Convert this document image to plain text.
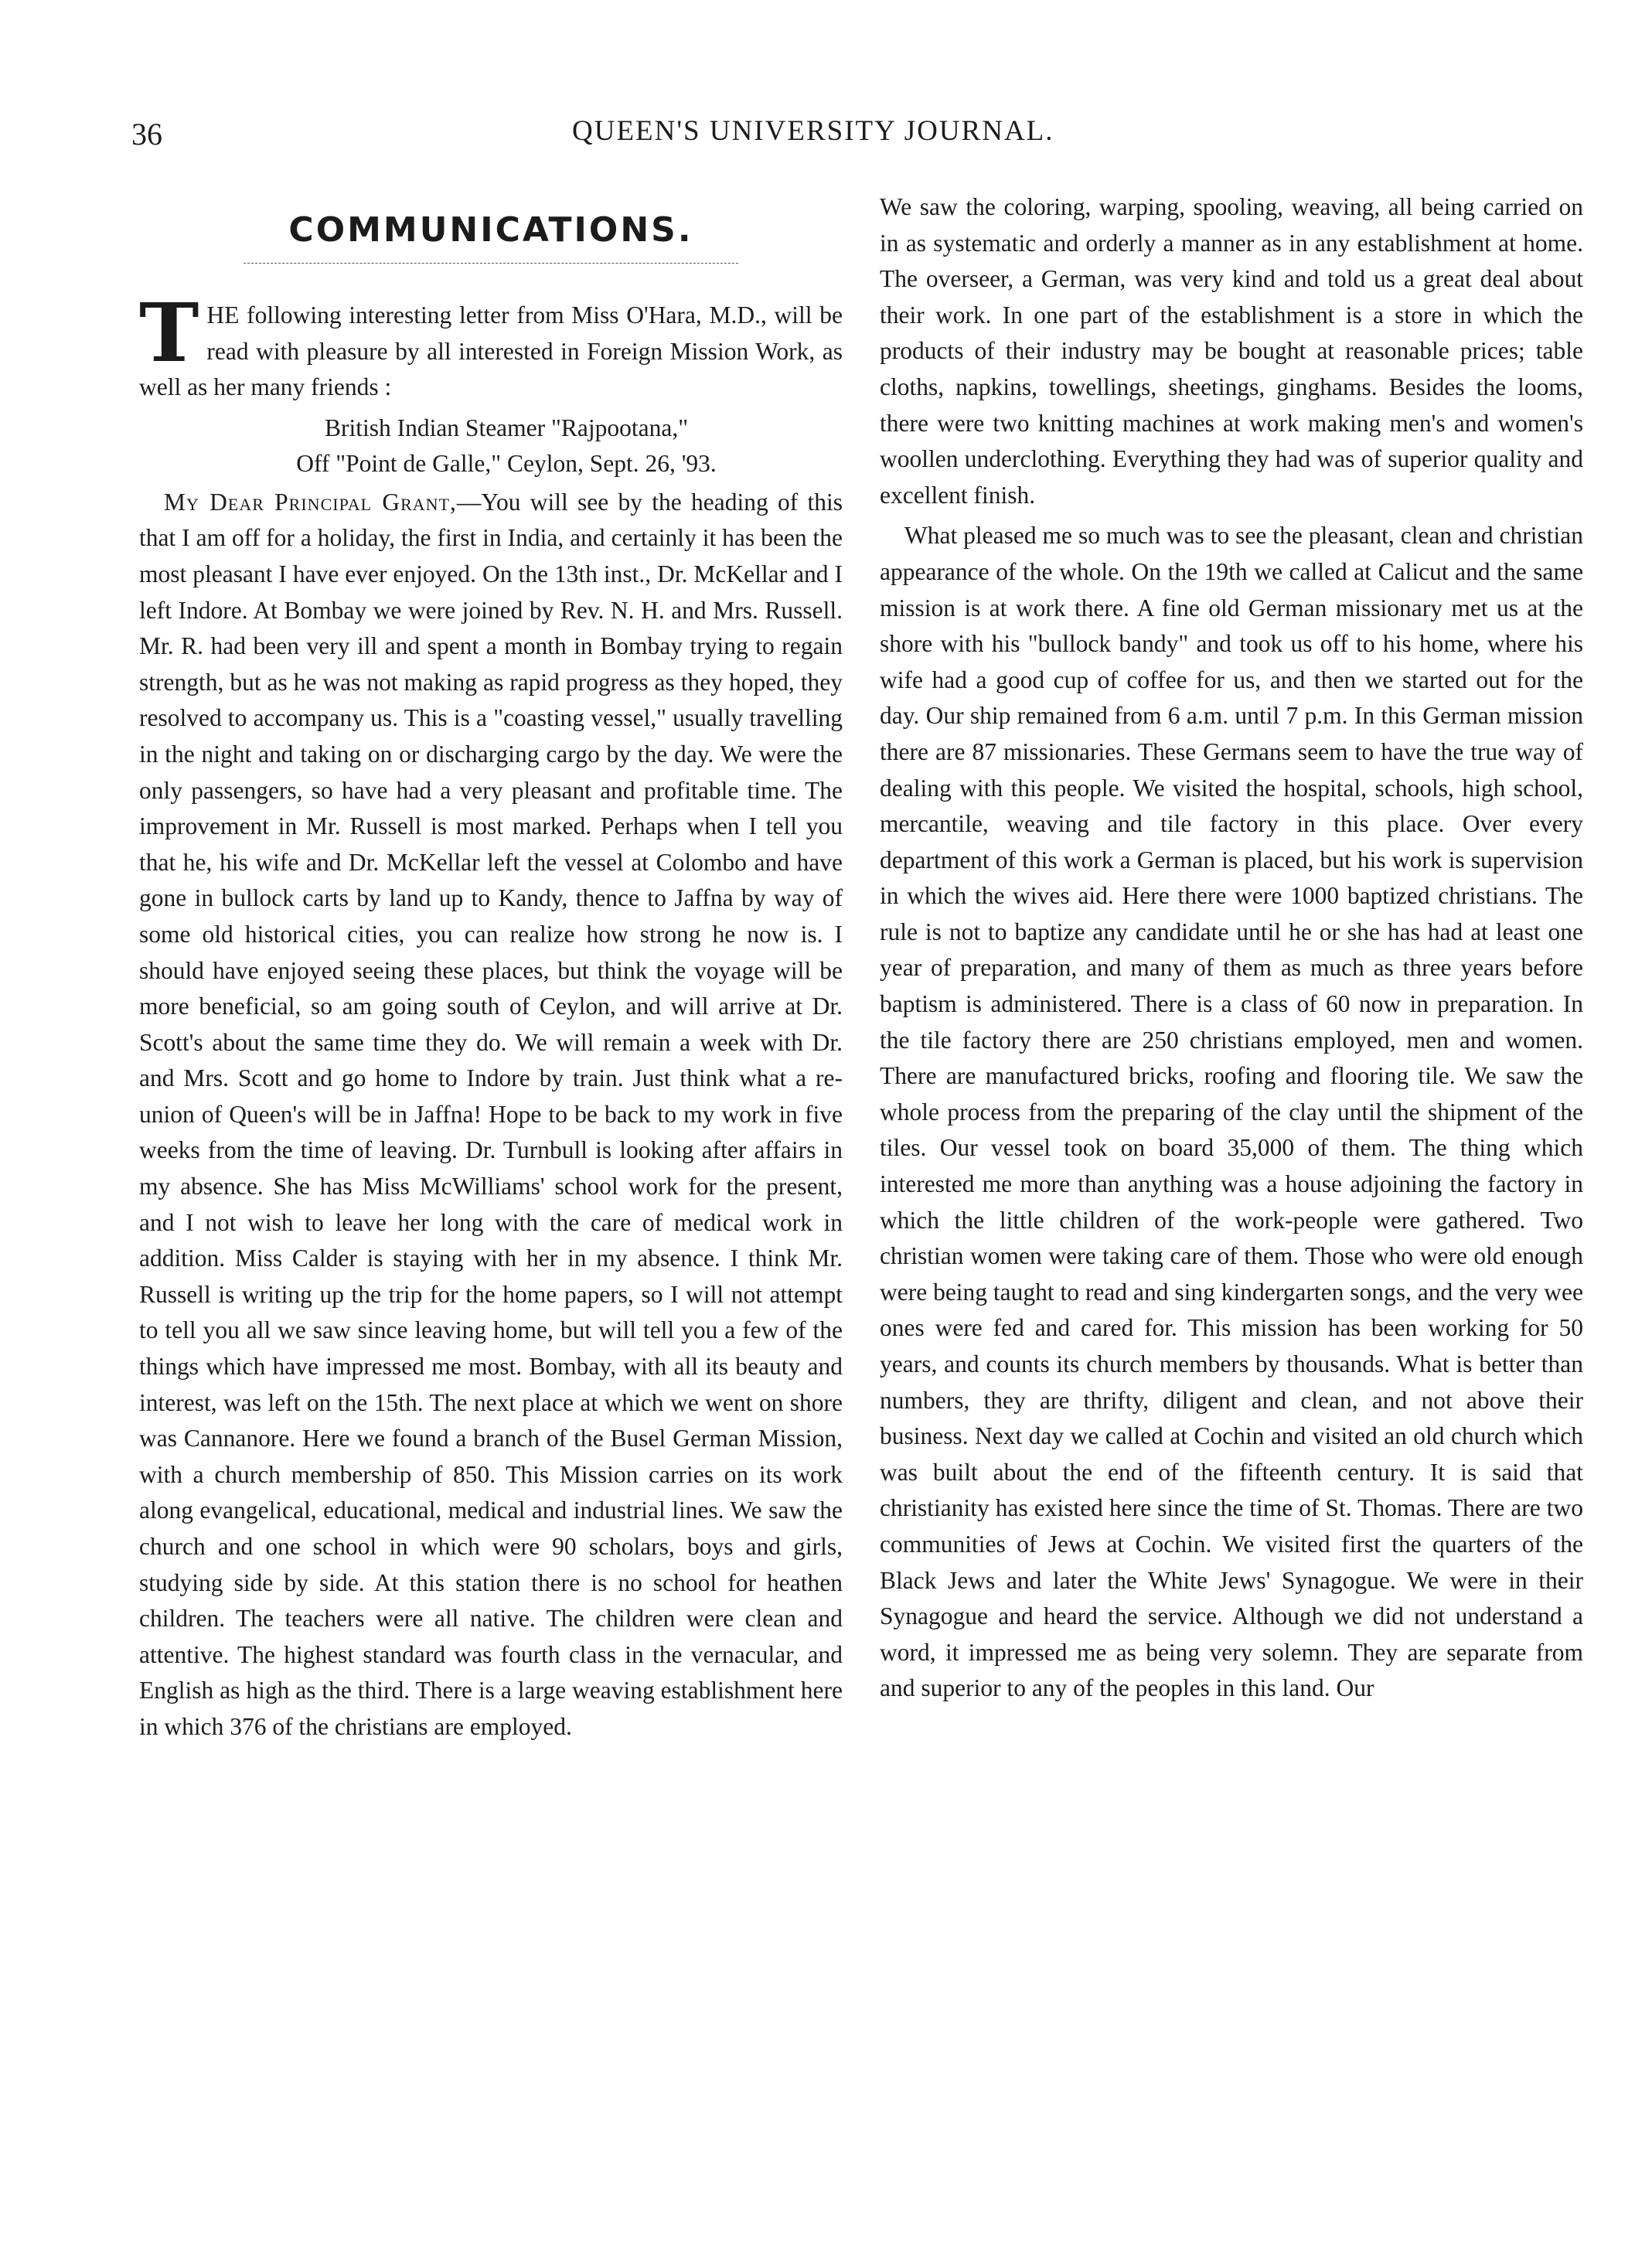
36	QUEEN'S UNIVERSITY JOURNAL.
COMMUNICATIONS.

THE following interesting letter from Miss O'Hara, M.D., will be read with pleasure by all interested in Foreign Mission Work, as well as her many friends :

British Indian Steamer "Rajpootana,"
Off "Point de Galle," Ceylon, Sept. 26, '93.

My Dear Principal Grant,—You will see by the heading of this that I am off for a holiday, the first in India, and certainly it has been the most pleasant I have ever enjoyed. On the 13th inst., Dr. McKellar and I left Indore. At Bombay we were joined by Rev. N. H. and Mrs. Russell. Mr. R. had been very ill and spent a month in Bombay trying to regain strength, but as he was not making as rapid progress as they hoped, they resolved to accompany us. This is a "coasting vessel," usually travelling in the night and taking on or discharging cargo by the day. We were the only passengers, so have had a very pleasant and profitable time. The improvement in Mr. Russell is most marked. Perhaps when I tell you that he, his wife and Dr. McKellar left the vessel at Colombo and have gone in bullock carts by land up to Kandy, thence to Jaffna by way of some old historical cities, you can realize how strong he now is. I should have enjoyed seeing these places, but think the voyage will be more beneficial, so am going south of Ceylon, and will arrive at Dr. Scott's about the same time they do. We will remain a week with Dr. and Mrs. Scott and go home to Indore by train. Just think what a re-union of Queen's will be in Jaffna! Hope to be back to my work in five weeks from the time of leaving. Dr. Turnbull is looking after affairs in my absence. She has Miss McWilliams' school work for the present, and I not wish to leave her long with the care of medical work in addition. Miss Calder is staying with her in my absence. I think Mr. Russell is writing up the trip for the home papers, so I will not attempt to tell you all we saw since leaving home, but will tell you a few of the things which have impressed me most. Bombay, with all its beauty and interest, was left on the 15th. The next place at which we went on shore was Cannanore. Here we found a branch of the Busel German Mission, with a church membership of 850. This Mission carries on its work along evangelical, educational, medical and industrial lines. We saw the church and one school in which were 90 scholars, boys and girls, studying side by side. At this station there is no school for heathen children. The teachers were all native. The children were clean and attentive. The highest standard was fourth class in the vernacular, and English as high as the third. There is a large weaving establishment here in which 376 of the christians are employed.

We saw the coloring, warping, spooling, weaving, all being carried on in as systematic and orderly a manner as in any establishment at home. The overseer, a German, was very kind and told us a great deal about their work. In one part of the establishment is a store in which the products of their industry may be bought at reasonable prices; table cloths, napkins, towellings, sheetings, ginghams. Besides the looms, there were two knitting machines at work making men's and women's woollen underclothing. Everything they had was of superior quality and excellent finish.

What pleased me so much was to see the pleasant, clean and christian appearance of the whole. On the 19th we called at Calicut and the same mission is at work there. A fine old German missionary met us at the shore with his "bullock bandy" and took us off to his home, where his wife had a good cup of coffee for us, and then we started out for the day. Our ship remained from 6 a.m. until 7 p.m. In this German mission there are 87 missionaries. These Germans seem to have the true way of dealing with this people. We visited the hospital, schools, high school, mercantile, weaving and tile factory in this place. Over every department of this work a German is placed, but his work is supervision in which the wives aid. Here there were 1000 baptized christians. The rule is not to baptize any candidate until he or she has had at least one year of preparation, and many of them as much as three years before baptism is administered. There is a class of 60 now in preparation. In the tile factory there are 250 christians employed, men and women. There are manufactured bricks, roofing and flooring tile. We saw the whole process from the preparing of the clay until the shipment of the tiles. Our vessel took on board 35,000 of them. The thing which interested me more than anything was a house adjoining the factory in which the little children of the work-people were gathered. Two christian women were taking care of them. Those who were old enough were being taught to read and sing kindergarten songs, and the very wee ones were fed and cared for. This mission has been working for 50 years, and counts its church members by thousands. What is better than numbers, they are thrifty, diligent and clean, and not above their business. Next day we called at Cochin and visited an old church which was built about the end of the fifteenth century. It is said that christianity has existed here since the time of St. Thomas. There are two communities of Jews at Cochin. We visited first the quarters of the Black Jews and later the White Jews' Synagogue. We were in their Synagogue and heard the service. Although we did not understand a word, it impressed me as being very solemn. They are separate from and superior to any of the peoples in this land. Our
